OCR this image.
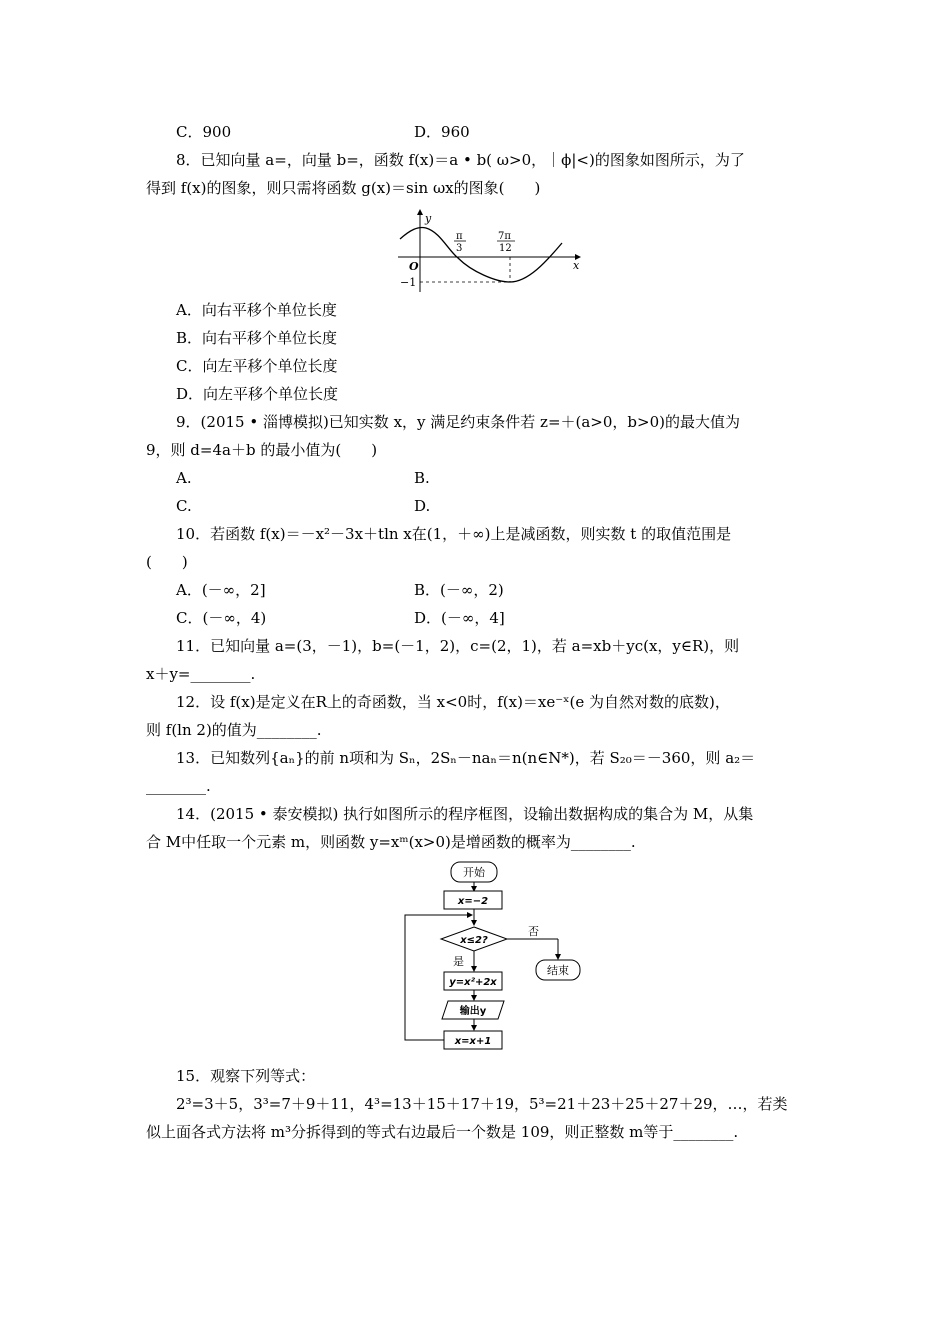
C．900	D．960
8．已知向量 a=，向量 b=，函数 f(x)＝a • b( ω>0，｜ϕ|<)的图象如图所示，为了
得到 f(x)的图象，则只需将函数 g(x)＝sin ωx的图象(　　)
y
x
O
−1
π
3
7π
12
A．向右平移个单位长度
B．向右平移个单位长度
C．向左平移个单位长度
D．向左平移个单位长度
9．(2015 • 淄博模拟)已知实数 x，y 满足约束条件若 z=＋(a>0，b>0)的最大值为
9，则 d=4a＋b 的最小值为(　　)
A.	B.
C.	D.
10．若函数 f(x)＝－x²－3x＋tln x在(1，＋∞)上是减函数，则实数 t 的取值范围是
(　　)
A．(－∞，2]	B．(－∞，2)
C．(－∞，4)	D．(－∞，4]
11．已知向量 a=(3，－1)，b=(－1，2)，c=(2，1)，若 a=xb＋yc(x，y∈R)，则
x＋y=________.
12．设 f(x)是定义在R上的奇函数，当 x<0时，f(x)＝xe⁻ˣ(e 为自然对数的底数)，
则 f(ln 2)的值为________.
13．已知数列{aₙ}的前 n项和为 Sₙ，2Sₙ－naₙ＝n(n∈N*)，若 S₂₀＝－360，则 a₂＝
________.
14．(2015 • 泰安模拟) 执行如图所示的程序框图，设输出数据构成的集合为 M，从集
合 M中任取一个元素 m，则函数 y=xᵐ(x>0)是增函数的概率为________.
开始
x=−2
x≤2?
否
结束
是
y=x²+2x
输出y
x=x+1
15．观察下列等式：
2³=3＋5，3³=7＋9＋11，4³=13＋15＋17＋19，5³=21＋23＋25＋27＋29，…，若类
似上面各式方法将 m³分拆得到的等式右边最后一个数是 109，则正整数 m等于________.
